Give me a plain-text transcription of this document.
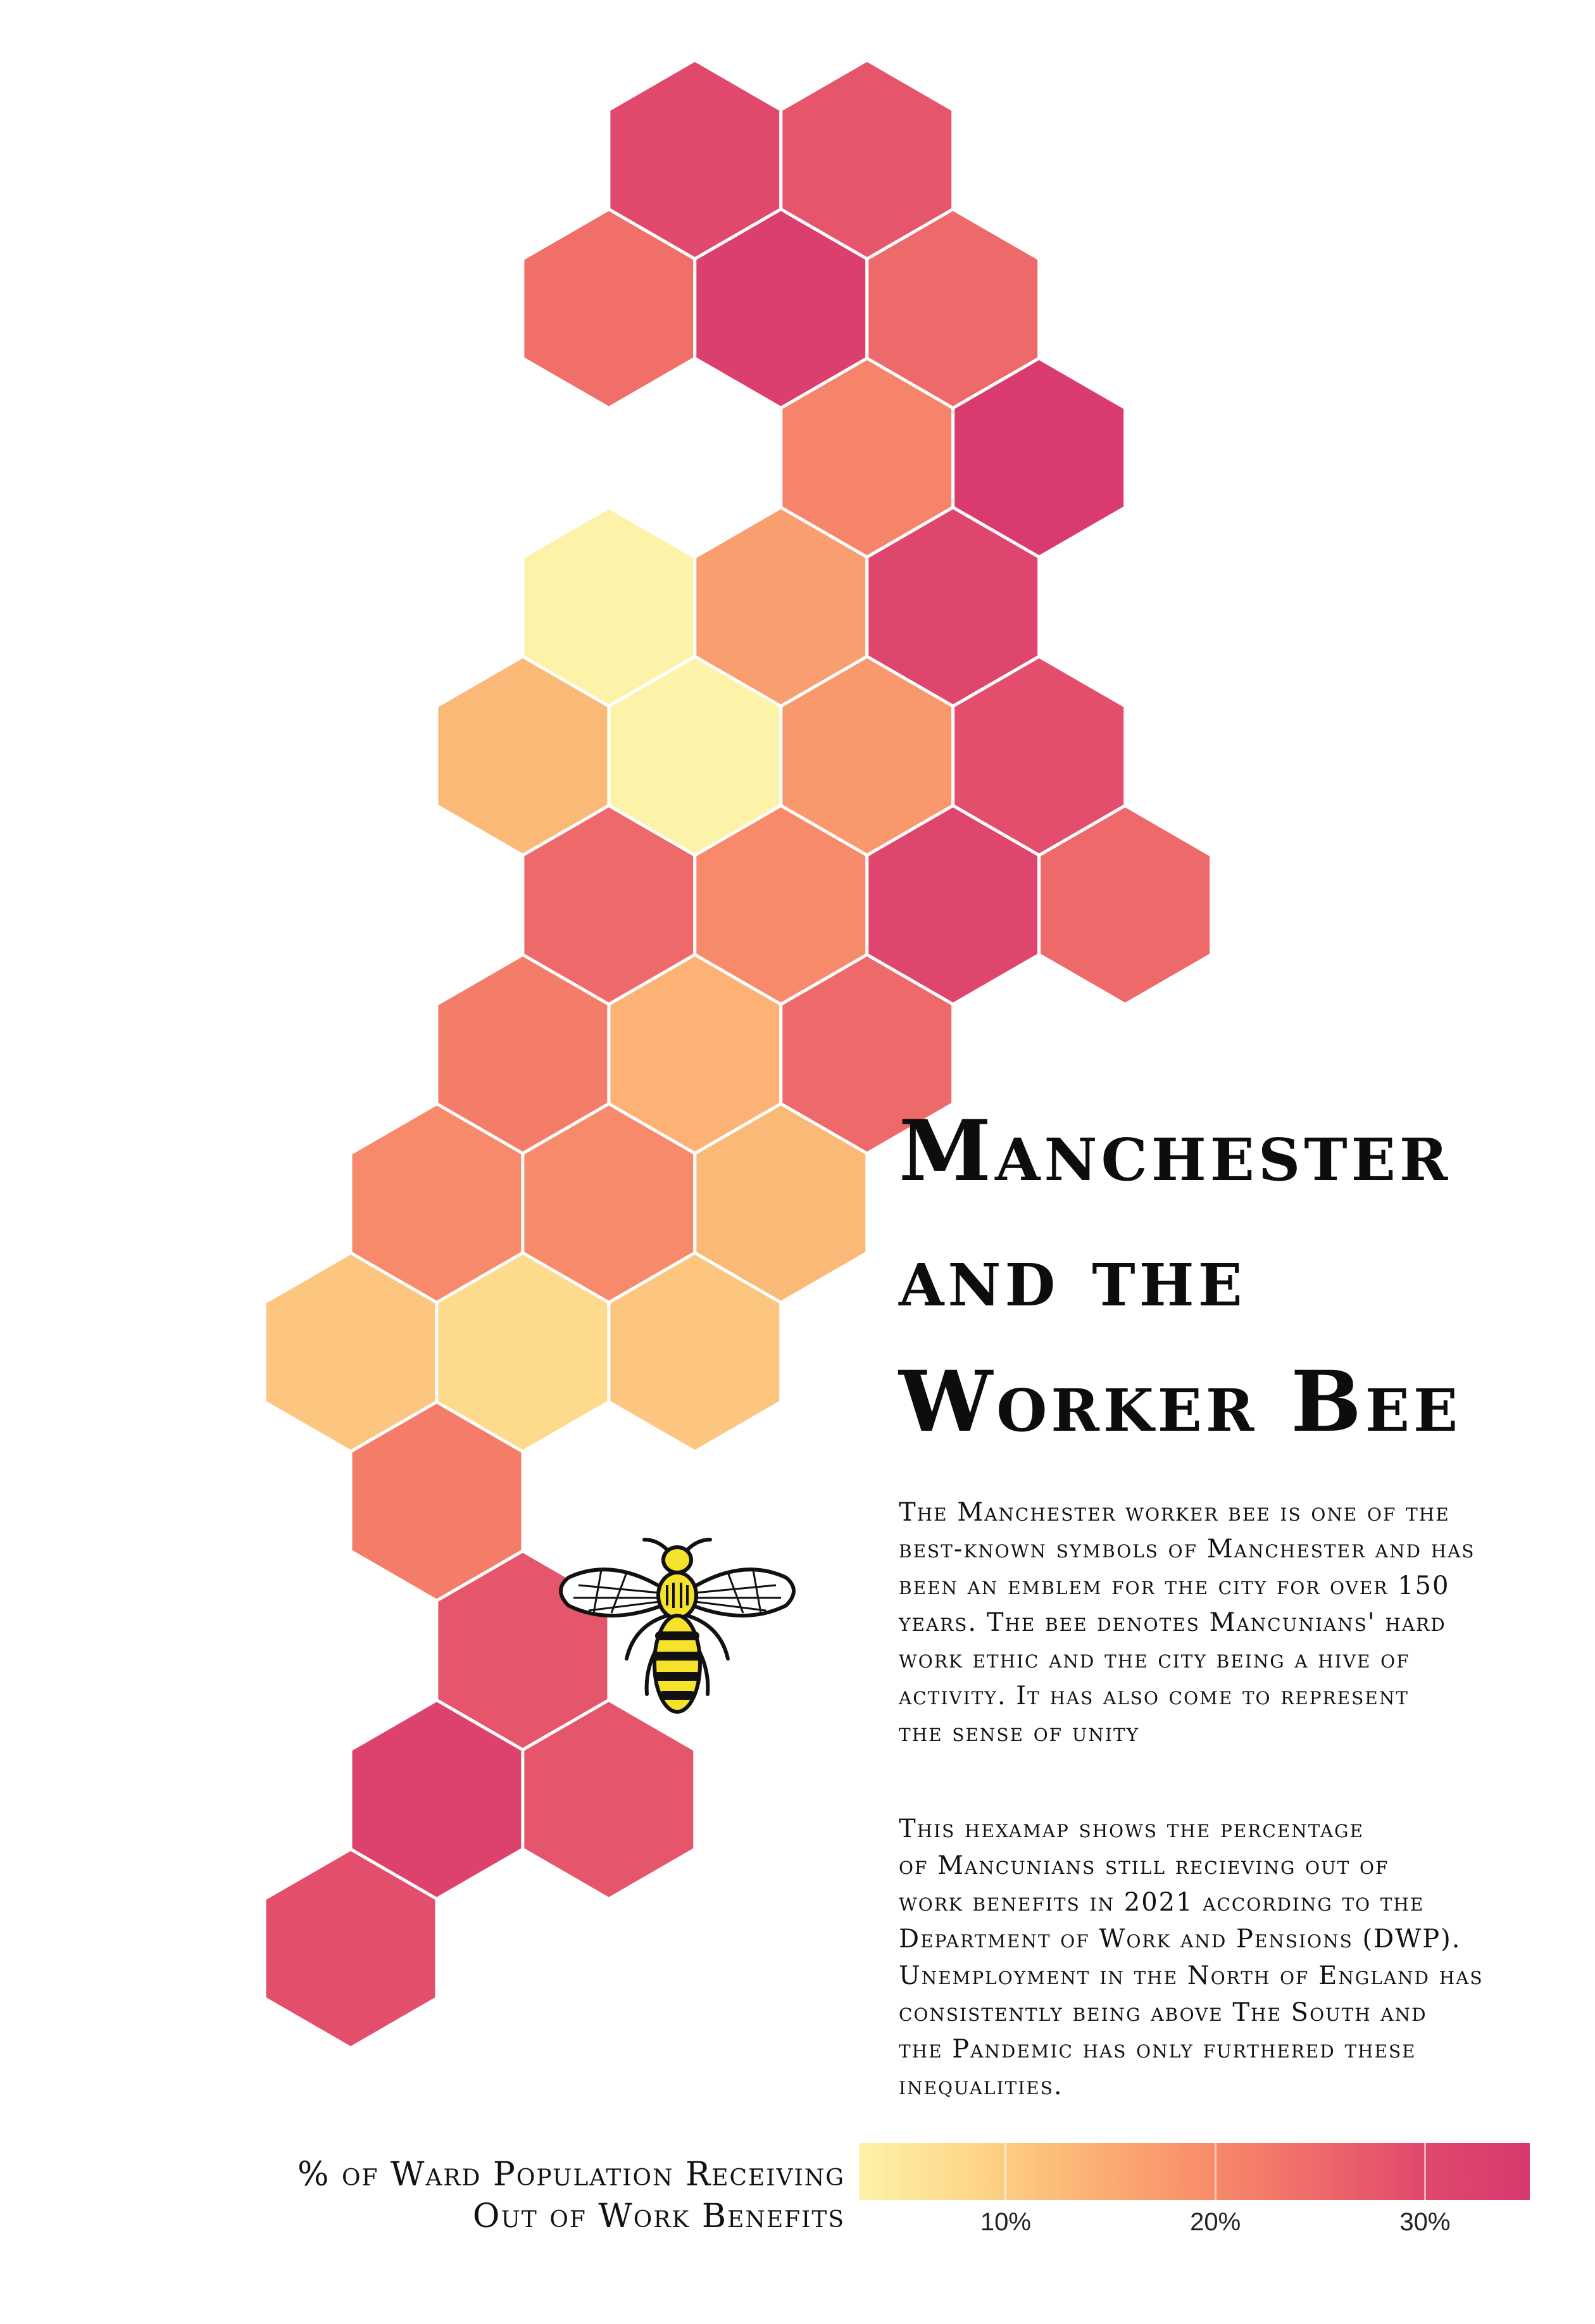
Manchester
and the
Worker Bee
The Manchester worker bee is one of the
best-known symbols of Manchester and has
been an emblem for the city for over 150
years. The bee denotes Mancunians' hard
work ethic and the city being a hive of
activity. It has also come to represent
the sense of unity
This hexamap shows the percentage
of Mancunians still recieving out of
work benefits in 2021 according to the
Department of Work and Pensions (DWP).
Unemployment in the North of England has
consistently being above The South and
the Pandemic has only furthered these
inequalities.
% of Ward Population Receiving
Out of Work Benefits	10%	20%	30%
